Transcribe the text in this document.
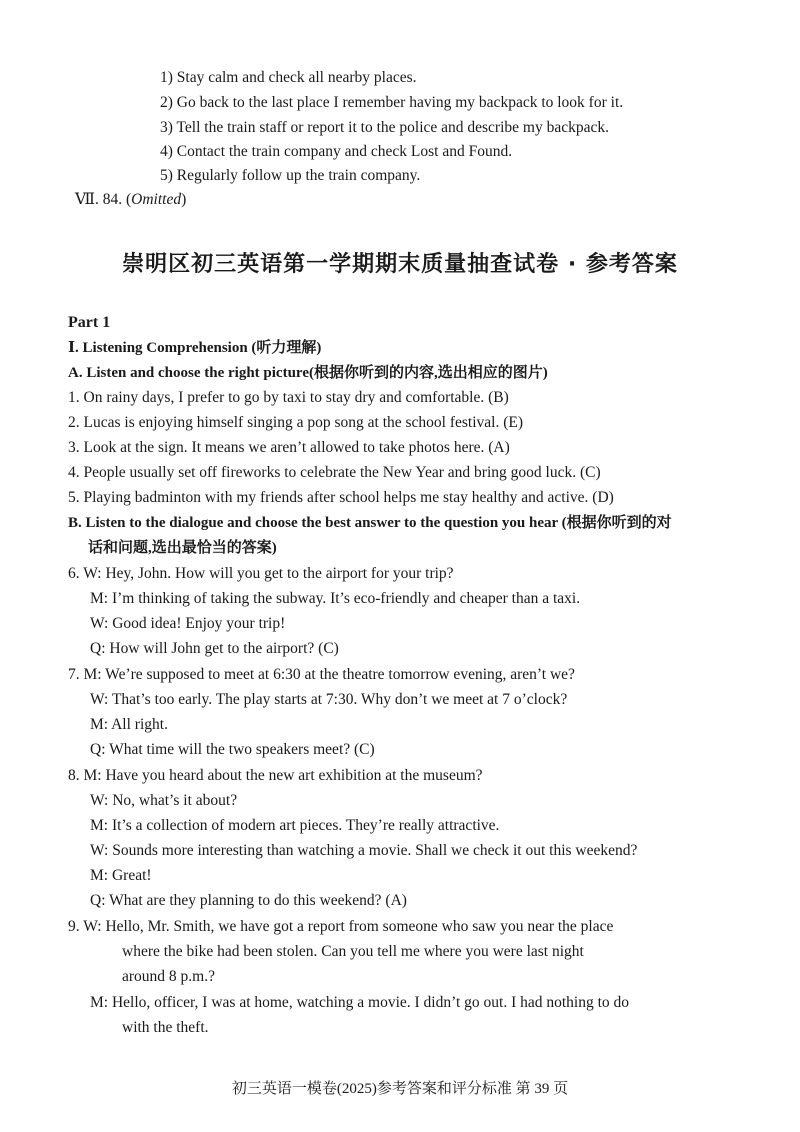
1) Stay calm and check all nearby places.
2) Go back to the last place I remember having my backpack to look for it.
3) Tell the train staff or report it to the police and describe my backpack.
4) Contact the train company and check Lost and Found.
5) Regularly follow up the train company.
Ⅶ. 84. (Omitted)
崇明区初三英语第一学期期末质量抽查试卷 · 参考答案
Part 1
Ⅰ. Listening Comprehension (听力理解)
A. Listen and choose the right picture(根据你听到的内容,选出相应的图片)
1. On rainy days, I prefer to go by taxi to stay dry and comfortable. (B)
2. Lucas is enjoying himself singing a pop song at the school festival. (E)
3. Look at the sign. It means we aren’t allowed to take photos here. (A)
4. People usually set off fireworks to celebrate the New Year and bring good luck. (C)
5. Playing badminton with my friends after school helps me stay healthy and active. (D)
B. Listen to the dialogue and choose the best answer to the question you hear (根据你听到的对
话和问题,选出最恰当的答案)
6. W: Hey, John. How will you get to the airport for your trip?
M: I’m thinking of taking the subway. It’s eco-friendly and cheaper than a taxi.
W: Good idea! Enjoy your trip!
Q: How will John get to the airport? (C)
7. M: We’re supposed to meet at 6:30 at the theatre tomorrow evening, aren’t we?
W: That’s too early. The play starts at 7:30. Why don’t we meet at 7 o’clock?
M: All right.
Q: What time will the two speakers meet? (C)
8. M: Have you heard about the new art exhibition at the museum?
W: No, what’s it about?
M: It’s a collection of modern art pieces. They’re really attractive.
W: Sounds more interesting than watching a movie. Shall we check it out this weekend?
M: Great!
Q: What are they planning to do this weekend? (A)
9. W: Hello, Mr. Smith, we have got a report from someone who saw you near the place
where the bike had been stolen. Can you tell me where you were last night
around 8 p.m.?
M: Hello, officer, I was at home, watching a movie. I didn’t go out. I had nothing to do
with the theft.
初三英语一模卷(2025)参考答案和评分标准 第 39 页
